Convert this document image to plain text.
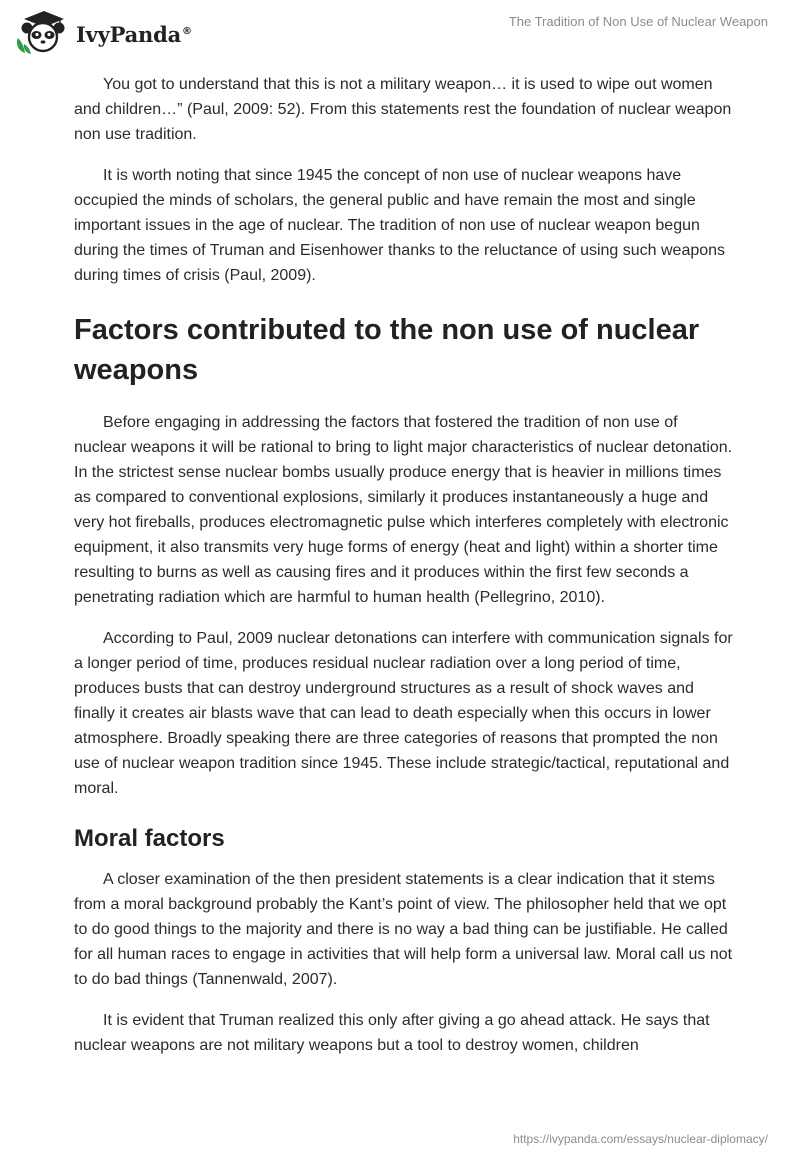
IvyPanda®
The Tradition of Non Use of Nuclear Weapon

You got to understand that this is not a military weapon… it is used to wipe out women and children…” (Paul, 2009: 52). From this statements rest the foundation of nuclear weapon non use tradition.

It is worth noting that since 1945 the concept of non use of nuclear weapons have occupied the minds of scholars, the general public and have remain the most and single important issues in the age of nuclear. The tradition of non use of nuclear weapon begun during the times of Truman and Eisenhower thanks to the reluctance of using such weapons during times of crisis (Paul, 2009).

Factors contributed to the non use of nuclear weapons

Before engaging in addressing the factors that fostered the tradition of non use of nuclear weapons it will be rational to bring to light major characteristics of nuclear detonation. In the strictest sense nuclear bombs usually produce energy that is heavier in millions times as compared to conventional explosions, similarly it produces instantaneously a huge and very hot fireballs, produces electromagnetic pulse which interferes completely with electronic equipment, it also transmits very huge forms of energy (heat and light) within a shorter time resulting to burns as well as causing fires and it produces within the first few seconds a penetrating radiation which are harmful to human health (Pellegrino, 2010).

According to Paul, 2009 nuclear detonations can interfere with communication signals for a longer period of time, produces residual nuclear radiation over a long period of time, produces busts that can destroy underground structures as a result of shock waves and finally it creates air blasts wave that can lead to death especially when this occurs in lower atmosphere. Broadly speaking there are three categories of reasons that prompted the non use of nuclear weapon tradition since 1945. These include strategic/tactical, reputational and moral.

Moral factors

A closer examination of the then president statements is a clear indication that it stems from a moral background probably the Kant’s point of view. The philosopher held that we opt to do good things to the majority and there is no way a bad thing can be justifiable. He called for all human races to engage in activities that will help form a universal law. Moral call us not to do bad things (Tannenwald, 2007).

It is evident that Truman realized this only after giving a go ahead attack. He says that nuclear weapons are not military weapons but a tool to destroy women, children

https://ivypanda.com/essays/nuclear-diplomacy/
